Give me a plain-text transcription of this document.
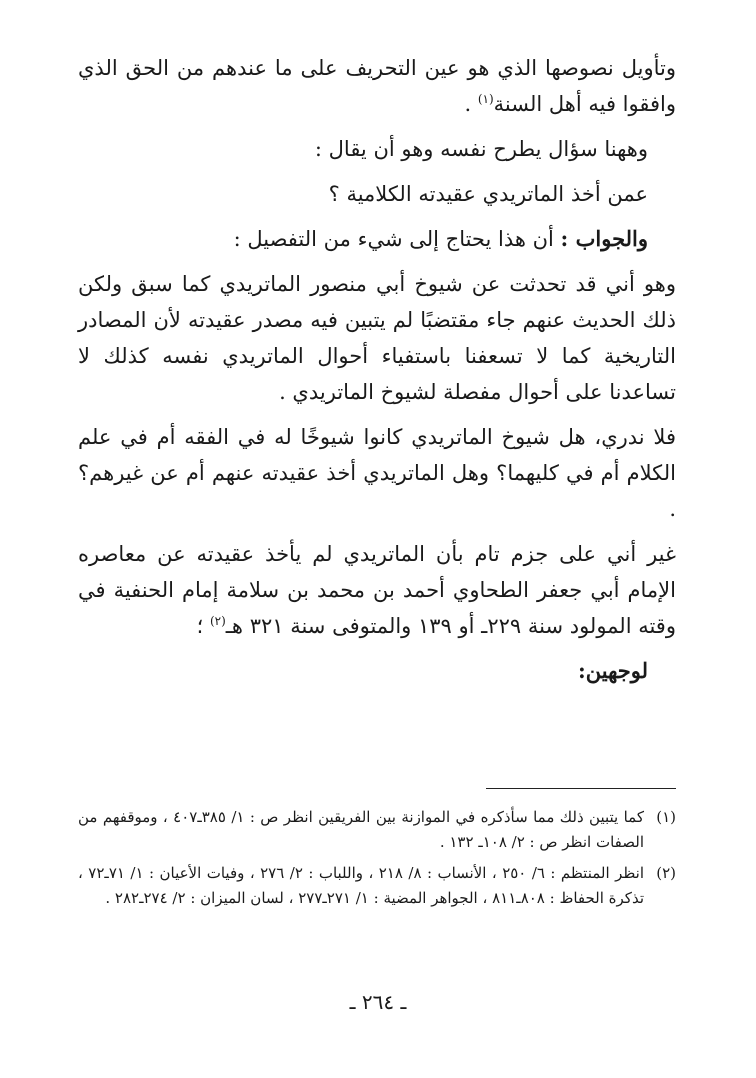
وتأويل نصوصها الذي هو عين التحريف على ما عندهم من الحق الذي وافقوا فيه أهل السنة$^{(١)}$ .

وههنا سؤال يطرح نفسه وهو أن يقال :

عمن أخذ الماتريدي عقيدته الكلامية ؟

والجواب : أن هذا يحتاج إلى شيء من التفصيل :

وهو أني قد تحدثت عن شيوخ أبي منصور الماتريدي كما سبق ولكن ذلك الحديث عنهم جاء مقتضبًا لم يتبين فيه مصدر عقيدته لأن المصادر التاريخية كما لا تسعفنا باستفياء أحوال الماتريدي نفسه كذلك لا تساعدنا على أحوال مفصلة لشيوخ الماتريدي .

فلا ندري، هل شيوخ الماتريدي كانوا شيوخًا له في الفقه أم في علم الكلام أم في كليهما؟ وهل الماتريدي أخذ عقيدته عنهم أم عن غيرهم؟ .

غير أني على جزم تام بأن الماتريدي لم يأخذ عقيدته عن معاصره الإمام أبي جعفر الطحاوي أحمد بن محمد بن سلامة إمام الحنفية في وقته المولود سنة ٢٢٩ـ أو ١٣٩ والمتوفى سنة ٣٢١ هـ$^{(٢)}$ ؛

لوجهين:

(١)
كما يتبين ذلك مما سأذكره في الموازنة بين الفريقين انظر ص : ١/ ٣٨٥ـ٤٠٧ ، وموقفهم من الصفات انظر ص : ٢/ ١٠٨ـ ١٣٢ .
(٢)
انظر المنتظم : ٦/ ٢٥٠ ، الأنساب : ٨/ ٢١٨ ، واللباب : ٢/ ٢٧٦ ، وفيات الأعيان : ١/ ٧١ـ٧٢ ، تذكرة الحفاظ : ٨٠٨ـ٨١١ ، الجواهر المضية : ١/ ٢٧١ـ٢٧٧ ، لسان الميزان : ٢/ ٢٧٤ـ٢٨٢ .
ـ ٢٦٤ ـ
